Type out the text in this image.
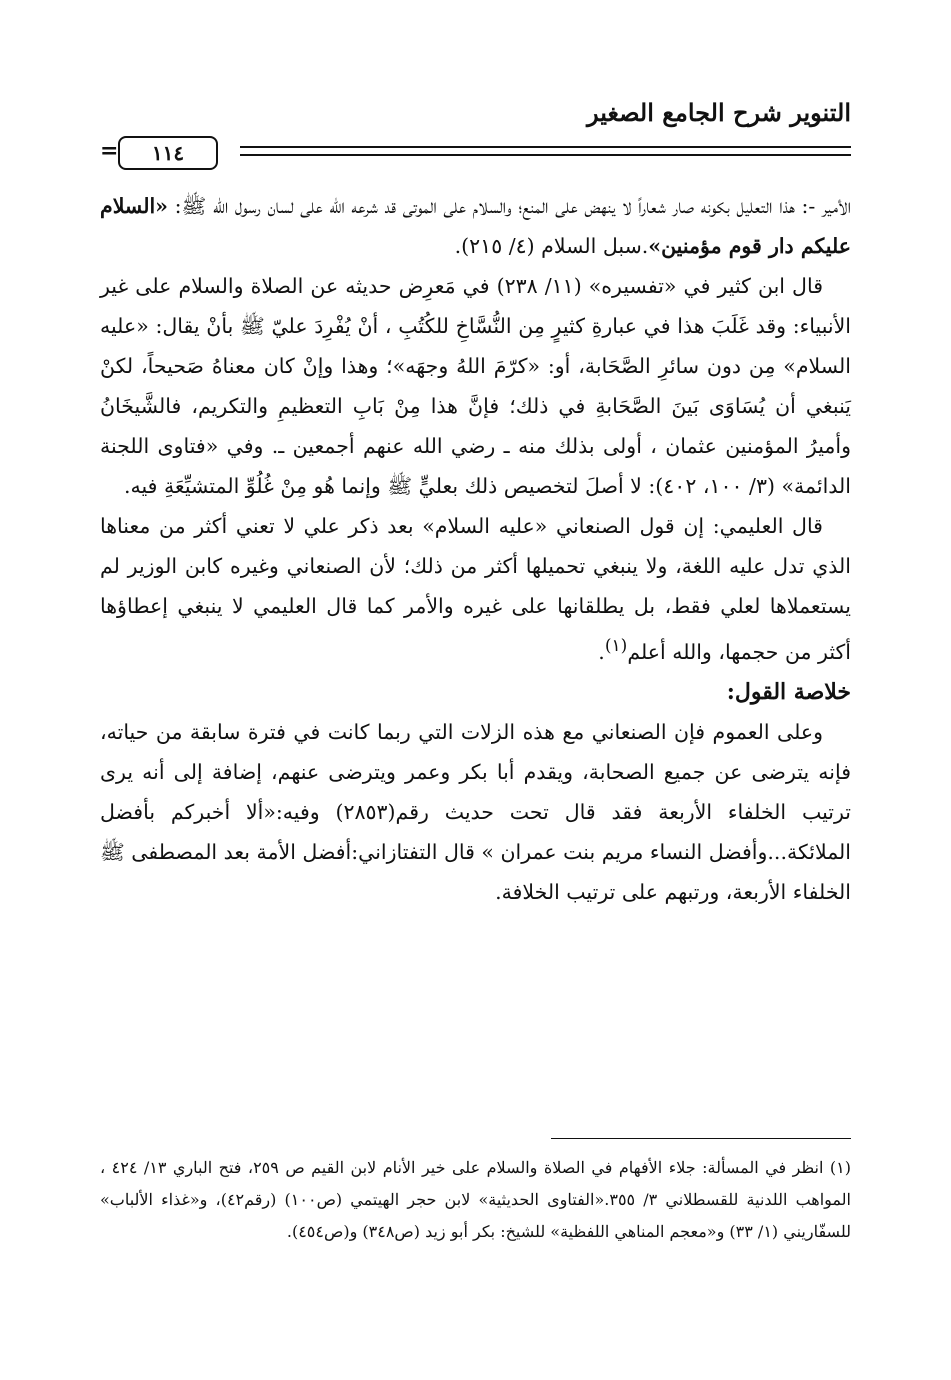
التنوير شرح الجامع الصغير
=	١١٤

الأمير -: هذا التعليل بكونه صار شعاراً لا ينهض على المنع؛ والسلام على الموتى قد شرعه الله على لسان رسول الله ﷺ: «السلام عليكم دار قوم مؤمنين».سبل السلام (٤/ ٢١٥).

قال ابن كثير في «تفسيره» (١١/ ٢٣٨) في مَعرِض حديثه عن الصلاة والسلام على غير الأنبياء: وقد غَلَبَ هذا في عبارةِ كثيرٍ مِن النُّسَّاخِ للكُتُبِ ، أنْ يُفْرِدَ عليّ ﷺ بأنْ يقال: «عليه السلام» مِن دون سائرِ الصَّحَابة، أو: «كرّمَ اللهُ وجهَه»؛ وهذا وإنْ كان معناهُ صَحيحاً، لكنْ يَنبغي أن يُسَاوَى بَينَ الصَّحَابةِ في ذلك؛ فإنَّ هذا مِنْ بَابِ التعظيمِ والتكريم، فالشَّيخَانُ وأميرُ المؤمنين عثمان ، أولى بذلك منه ـ رضي الله عنهم أجمعين ـ. وفي «فتاوى اللجنة الدائمة» (٣/ ١٠٠، ٤٠٢): لا أصلَ لتخصيص ذلك بعليٍّ ﷺ وإنما هُو مِنْ غُلُوِّ المتشيِّعَةِ فيه.

قال العليمي: إن قول الصنعاني «عليه السلام» بعد ذكر علي لا تعني أكثر من معناها الذي تدل عليه اللغة، ولا ينبغي تحميلها أكثر من ذلك؛ لأن الصنعاني وغيره كابن الوزير لم يستعملاها لعلي فقط، بل يطلقانها على غيره والأمر كما قال العليمي لا ينبغي إعطاؤها أكثر من حجمها، والله أعلم$^{(١)}$.

خلاصة القول:

وعلى العموم فإن الصنعاني مع هذه الزلات التي ربما كانت في فترة سابقة من حياته، فإنه يترضى عن جميع الصحابة، ويقدم أبا بكر وعمر ويترضى عنهم، إضافة إلى أنه يرى ترتيب الخلفاء الأربعة فقد قال تحت حديث رقم(٢٨٥٣) وفيه:«ألا أخبركم بأفضل الملائكة...وأفضل النساء مريم بنت عمران » قال التفتازاني:أفضل الأمة بعد المصطفى ﷺ الخلفاء الأربعة، ورتبهم على ترتيب الخلافة.

(١) انظر في المسألة: جلاء الأفهام في الصلاة والسلام على خير الأنام لابن القيم ص ٢٥٩، فتح الباري ١٣/ ٤٢٤ ، المواهب اللدنية للقسطلاني ٣/ ٣٥٥.«الفتاوى الحديثية» لابن حجر الهيتمي (ص١٠٠) (رقم٤٢)، و«غذاء الألباب» للسفّاريني (١/ ٣٣) و«معجم المناهي اللفظية» للشيخ: بكر أبو زيد (ص٣٤٨) و(ص٤٥٤).
